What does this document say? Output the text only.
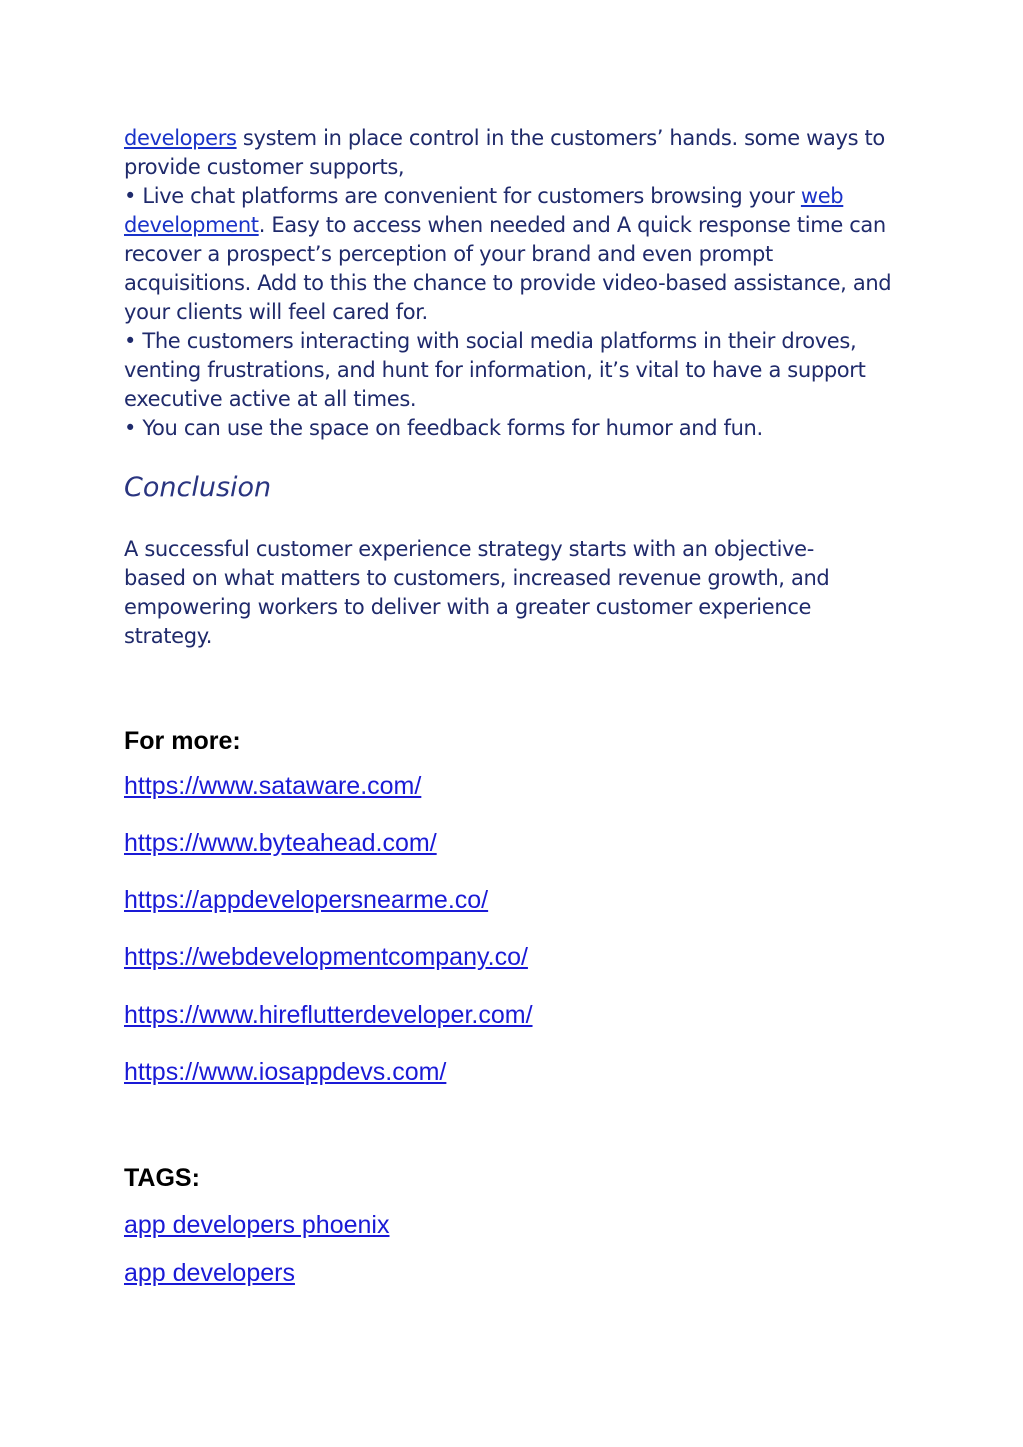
developers system in place control in the customers’ hands. some ways to provide customer supports,
• Live chat platforms are convenient for customers browsing your web development. Easy to access when needed and A quick response time can recover a prospect’s perception of your brand and even prompt acquisitions. Add to this the chance to provide video-based assistance, and your clients will feel cared for.
• The customers interacting with social media platforms in their droves, venting frustrations, and hunt for information, it’s vital to have a support executive active at all times.
• You can use the space on feedback forms for humor and fun.

Conclusion

A successful customer experience strategy starts with an objective-based on what matters to customers, increased revenue growth, and empowering workers to deliver with a greater customer experience strategy.

For more:

https://www.sataware.com/
https://www.byteahead.com/
https://appdevelopersnearme.co/
https://webdevelopmentcompany.co/
https://www.hireflutterdeveloper.com/
https://www.iosappdevs.com/

TAGS:

app developers phoenix
app developers
